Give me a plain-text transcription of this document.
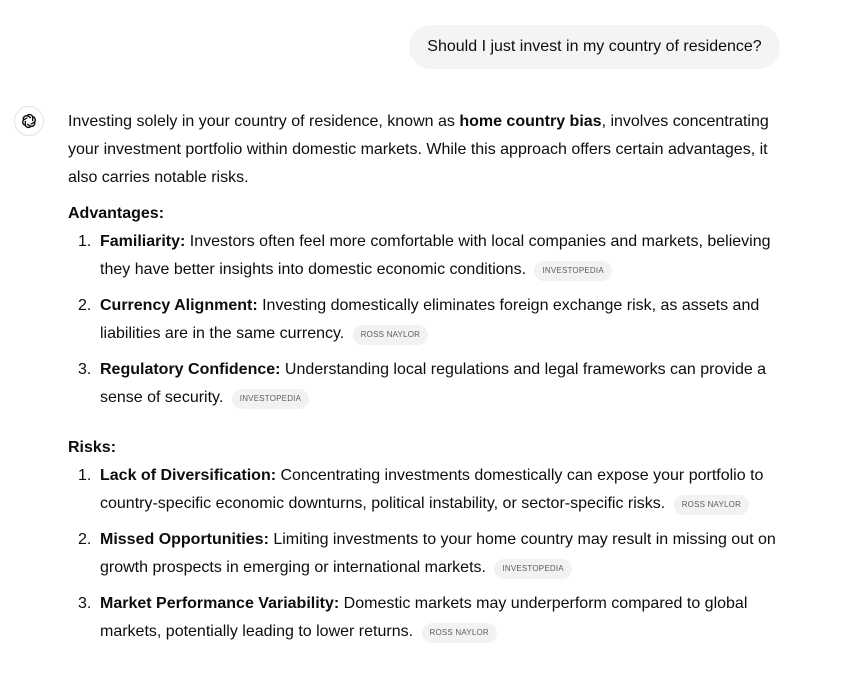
Should I just invest in my country of residence?

Investing solely in your country of residence, known as home country bias, involves concentrating your investment portfolio within domestic markets. While this approach offers certain advantages, it also carries notable risks.

Advantages:

1. Familiarity: Investors often feel more comfortable with local companies and markets, believing they have better insights into domestic economic conditions. INVESTOPEDIA
2. Currency Alignment: Investing domestically eliminates foreign exchange risk, as assets and liabilities are in the same currency. ROSS NAYLOR
3. Regulatory Confidence: Understanding local regulations and legal frameworks can provide a sense of security. INVESTOPEDIA

Risks:

1. Lack of Diversification: Concentrating investments domestically can expose your portfolio to country-specific economic downturns, political instability, or sector-specific risks. ROSS NAYLOR
2. Missed Opportunities: Limiting investments to your home country may result in missing out on growth prospects in emerging or international markets. INVESTOPEDIA
3. Market Performance Variability: Domestic markets may underperform compared to global markets, potentially leading to lower returns. ROSS NAYLOR
